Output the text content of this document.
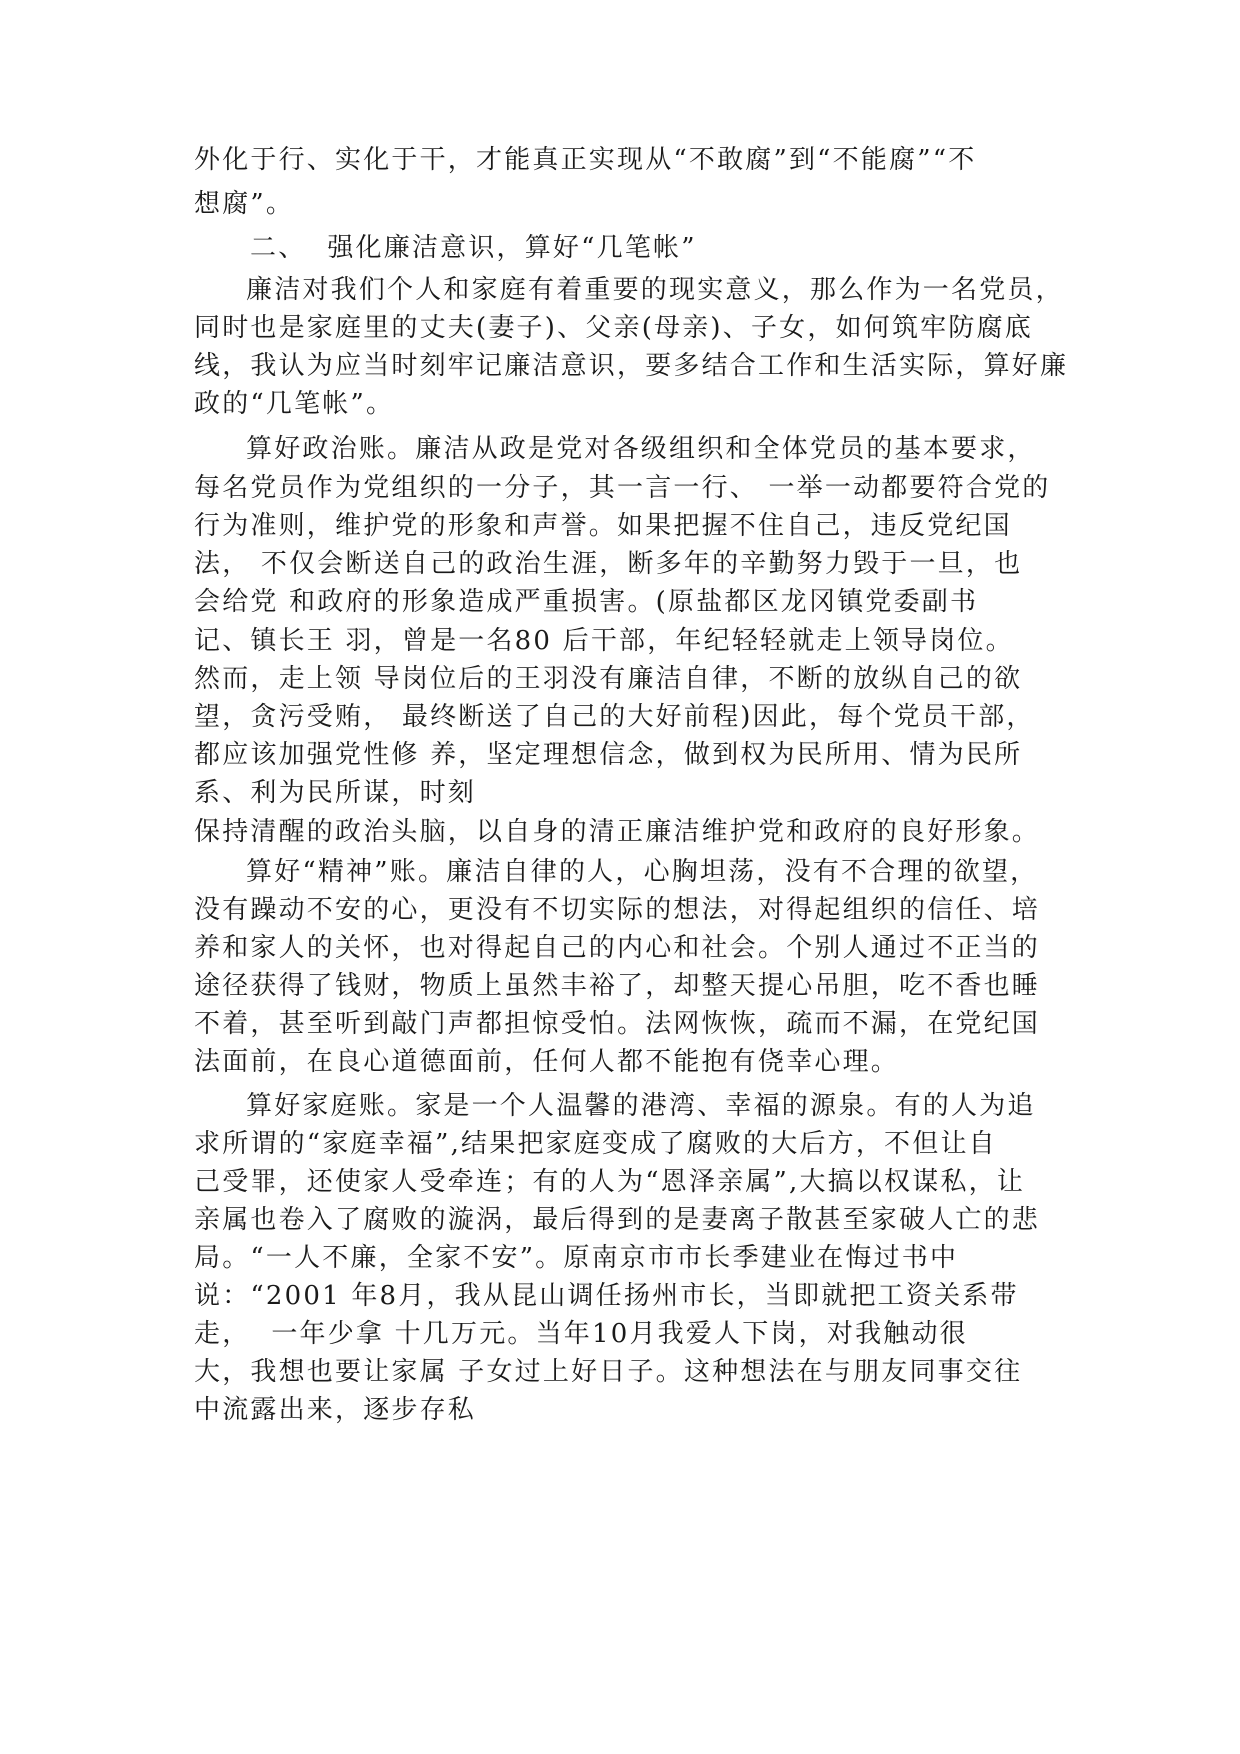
外化于行、实化于干，才能真正实现从“不敢腐”到“不能腐”“不
想腐”。
二、  强化廉洁意识，算好“几笔帐”
廉洁对我们个人和家庭有着重要的现实意义，那么作为一名党员，
同时也是家庭里的丈夫(妻子)、父亲(母亲)、子女，如何筑牢防腐底
线，我认为应当时刻牢记廉洁意识，要多结合工作和生活实际，算好廉
政的“几笔帐”。
算好政治账。廉洁从政是党对各级组织和全体党员的基本要求，
每名党员作为党组织的一分子，其一言一行、 一举一动都要符合党的
行为准则，维护党的形象和声誉。如果把握不住自己，违反党纪国
法， 不仅会断送自己的政治生涯，断多年的辛勤努力毁于一旦，也
会给党 和政府的形象造成严重损害。(原盐都区龙冈镇党委副书
记、镇长王 羽，曾是一名80 后干部，年纪轻轻就走上领导岗位。
然而，走上领 导岗位后的王羽没有廉洁自律，不断的放纵自己的欲
望，贪污受贿， 最终断送了自己的大好前程)因此，每个党员干部，
都应该加强党性修 养，坚定理想信念，做到权为民所用、情为民所
系、利为民所谋，时刻
保持清醒的政治头脑，以自身的清正廉洁维护党和政府的良好形象。
算好“精神”账。廉洁自律的人，心胸坦荡，没有不合理的欲望，
没有躁动不安的心，更没有不切实际的想法，对得起组织的信任、培
养和家人的关怀，也对得起自己的内心和社会。个别人通过不正当的
途径获得了钱财，物质上虽然丰裕了，却整天提心吊胆，吃不香也睡
不着，甚至听到敲门声都担惊受怕。法网恢恢，疏而不漏，在党纪国
法面前，在良心道德面前，任何人都不能抱有侥幸心理。
算好家庭账。家是一个人温馨的港湾、幸福的源泉。有的人为追
求所谓的“家庭幸福”,结果把家庭变成了腐败的大后方，不但让自
己受罪，还使家人受牵连；有的人为“恩泽亲属”,大搞以权谋私，让
亲属也卷入了腐败的漩涡，最后得到的是妻离子散甚至家破人亡的悲
局。“一人不廉，全家不安”。原南京市市长季建业在悔过书中
说：“2001 年8月，我从昆山调任扬州市长，当即就把工资关系带
走，  一年少拿 十几万元。当年10月我爱人下岗，对我触动很
大，我想也要让家属 子女过上好日子。这种想法在与朋友同事交往
中流露出来，逐步存私
